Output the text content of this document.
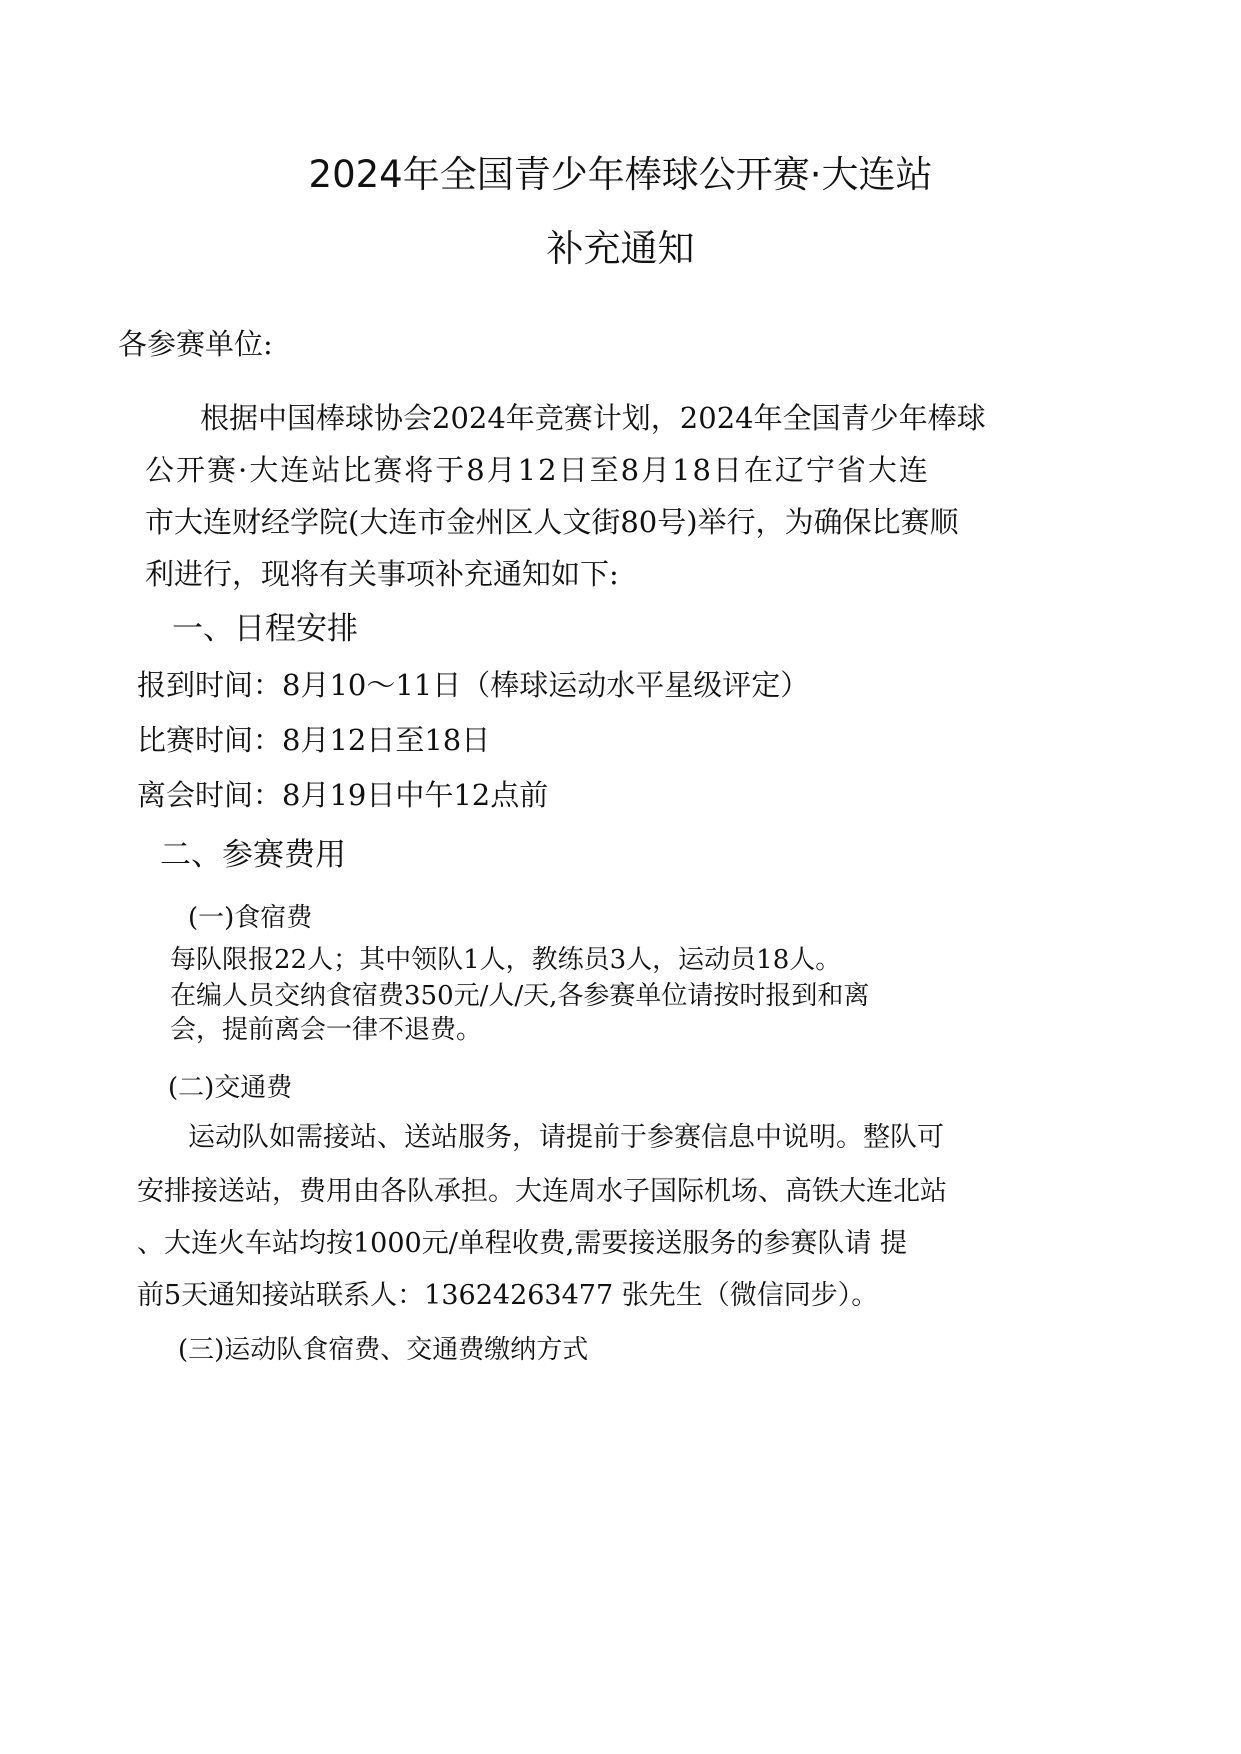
2024年全国青少年棒球公开赛·大连站
补充通知
各参赛单位:
根据中国棒球协会2024年竞赛计划，2024年全国青少年棒球
公开赛·大连站比赛将于8月12日至8月18日在辽宁省大连
市大连财经学院(大连市金州区人文街80号)举行，为确保比赛顺
利进行，现将有关事项补充通知如下:
一、日程安排
报到时间：8月10～11日（棒球运动水平星级评定）
比赛时间：8月12日至18日
离会时间：8月19日中午12点前
二、参赛费用
(一)食宿费
每队限报22人；其中领队1人，教练员3人，运动员18人。
在编人员交纳食宿费350元/人/天,各参赛单位请按时报到和离
会，提前离会一律不退费。
(二)交通费
运动队如需接站、送站服务，请提前于参赛信息中说明。整队可
安排接送站，费用由各队承担。大连周水子国际机场、高铁大连北站
、大连火车站均按1000元/单程收费,需要接送服务的参赛队请 提
前5天通知接站联系人：13624263477 张先生（微信同步）。
(三)运动队食宿费、交通费缴纳方式
